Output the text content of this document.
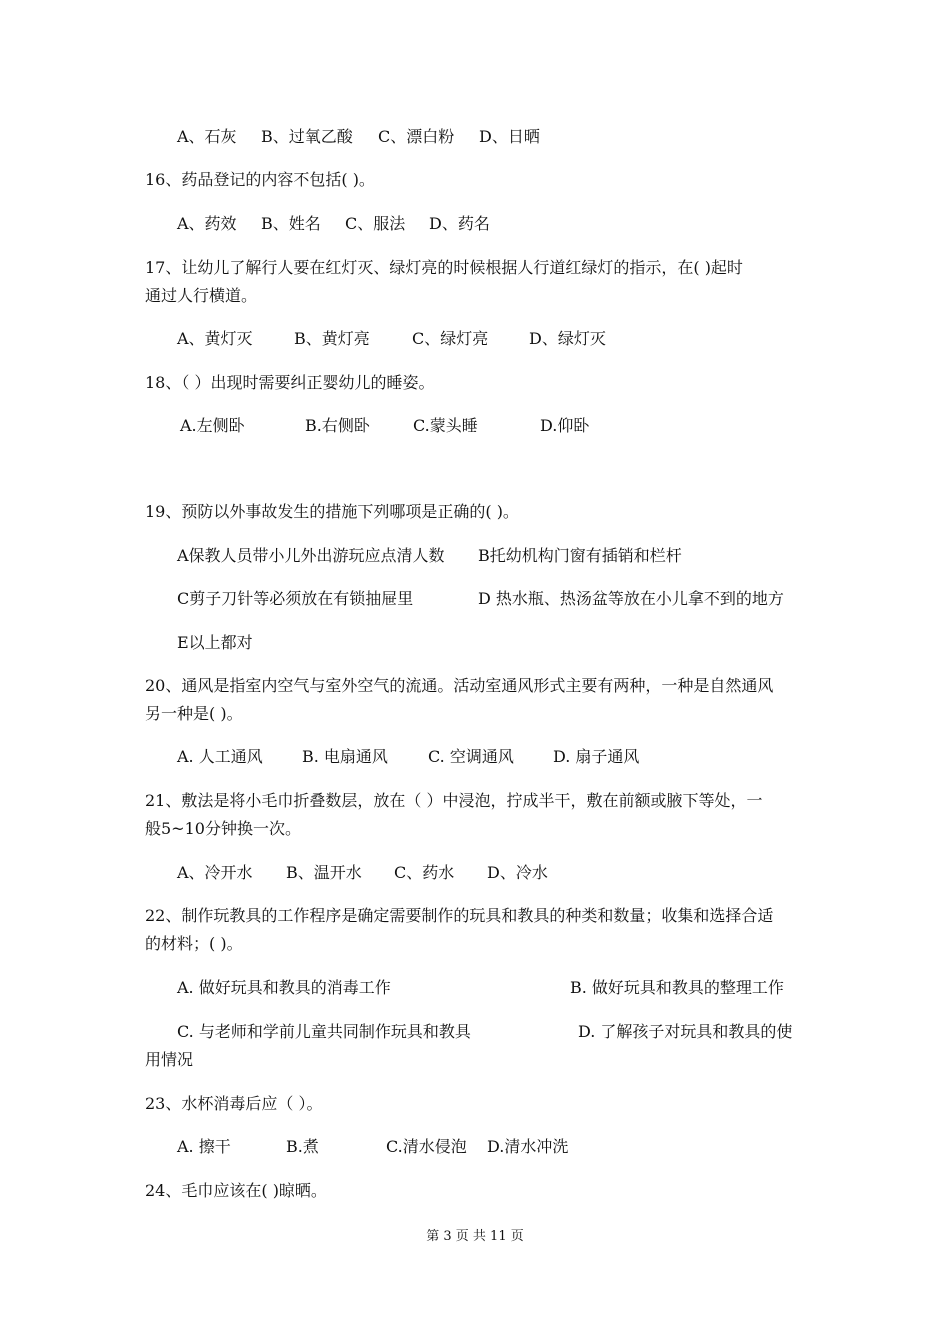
A、石灰 B、过氧乙酸 C、漂白粉 D、日晒
16、药品登记的内容不包括( )。
A、药效 B、姓名 C、服法 D、药名
17、让幼儿了解行人要在红灯灭、绿灯亮的时候根据人行道红绿灯的指示，在( )起时
通过人行横道。
A、黄灯灭	B、黄灯亮	C、绿灯亮	D、绿灯灭
18、（ ）出现时需要纠正婴幼儿的睡姿。
A.左侧卧	B.右侧卧	C.蒙头睡	D.仰卧
19、预防以外事故发生的措施下列哪项是正确的( )。
A保教人员带小儿外出游玩应点清人数 B托幼机构门窗有插销和栏杆
C剪子刀针等必须放在有锁抽屉里	D 热水瓶、热汤盆等放在小儿拿不到的地方
E以上都对
20、通风是指室内空气与室外空气的流通。活动室通风形式主要有两种，一种是自然通风
另一种是( )。
A. 人工通风 B. 电扇通风	C. 空调通风 D. 扇子通风
21、敷法是将小毛巾折叠数层，放在（ ）中浸泡，拧成半干，敷在前额或腋下等处，一
般5~10分钟换一次。
A、冷开水 B、温开水 C、药水 D、冷水
22、制作玩教具的工作程序是确定需要制作的玩具和教具的种类和数量；收集和选择合适
的材料；( )。
A. 做好玩具和教具的消毒工作	B. 做好玩具和教具的整理工作
C. 与老师和学前儿童共同制作玩具和教具	D. 了解孩子对玩具和教具的使
用情况
23、水杯消毒后应（ ）。
A. 擦干	B.煮	C.清水侵泡 D.清水冲洗
24、毛巾应该在( )晾晒。
第 3 页 共 11 页
